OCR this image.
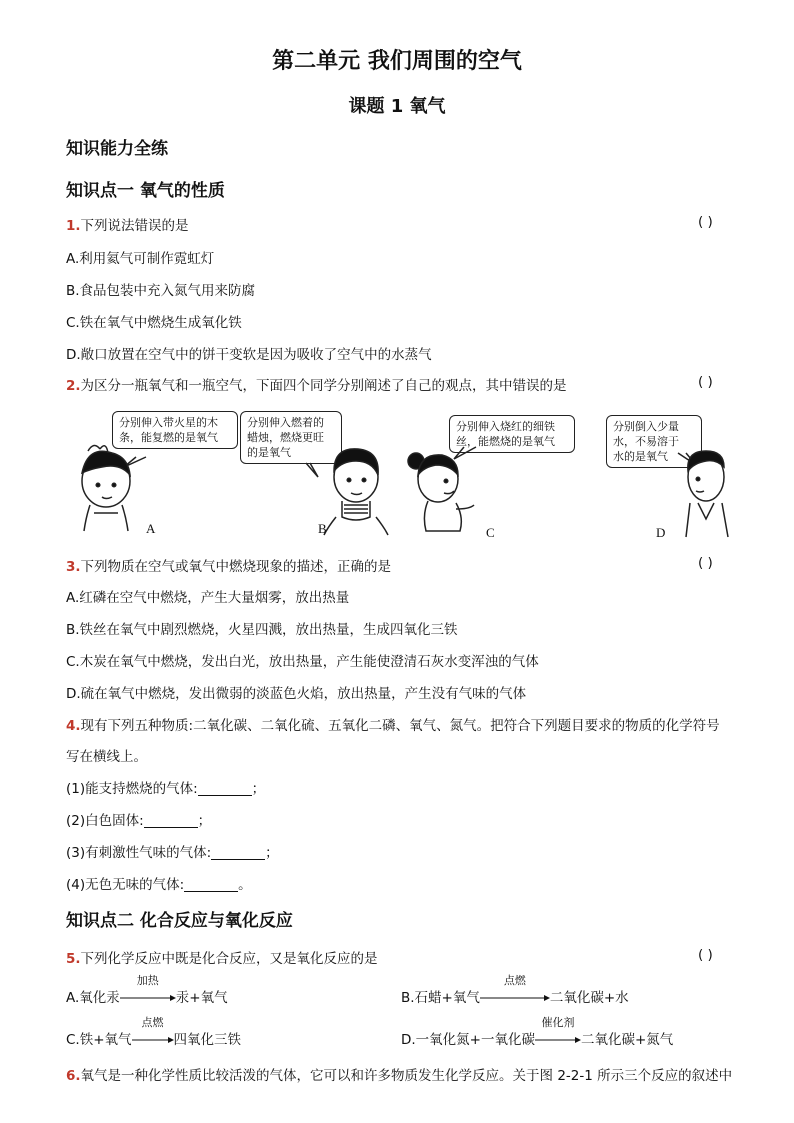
第二单元 我们周围的空气
课题 1 氧气
知识能力全练
知识点一 氧气的性质
1.下列说法错误的是	( )
A.利用氦气可制作霓虹灯
B.食品包装中充入氮气用来防腐
C.铁在氧气中燃烧生成氧化铁
D.敞口放置在空气中的饼干变软是因为吸收了空气中的水蒸气
2.为区分一瓶氧气和一瓶空气，下面四个同学分别阐述了自己的观点，其中错误的是	( )
分别伸入带火星的木
条，能复燃的是氧气
分别伸入燃着的
蜡烛，燃烧更旺
的是氧气
分别伸入烧红的细铁
丝，能燃烧的是氧气
分别倒入少量
水，不易溶于
水的是氧气
A	B	C	D
3.下列物质在空气或氧气中燃烧现象的描述，正确的是	( )
A.红磷在空气中燃烧，产生大量烟雾，放出热量
B.铁丝在氧气中剧烈燃烧，火星四溅，放出热量，生成四氧化三铁
C.木炭在氧气中燃烧，发出白光，放出热量，产生能使澄清石灰水变浑浊的气体
D.硫在氧气中燃烧，发出微弱的淡蓝色火焰，放出热量，产生没有气味的气体
4.现有下列五种物质:二氧化碳、二氧化硫、五氧化二磷、氧气、氮气。把符合下列题目要求的物质的化学符号
写在横线上。
(1)能支持燃烧的气体:	；
(2)白色固体:	；
(3)有刺激性气味的气体:	；
(4)无色无味的气体:	。
知识点二 化合反应与氧化反应
5.下列化学反应中既是化合反应，又是氧化反应的是	( )
A.氧化汞
加热
汞+氧气	B.石蜡+氧气
点燃
二氧化碳+水
C.铁+氧气
点燃
四氧化三铁	D.一氧化氮+一氧化碳
催化剂
二氧化碳+氮气
6.氧气是一种化学性质比较活泼的气体，它可以和许多物质发生化学反应。关于图 2-2-1 所示三个反应的叙述中
